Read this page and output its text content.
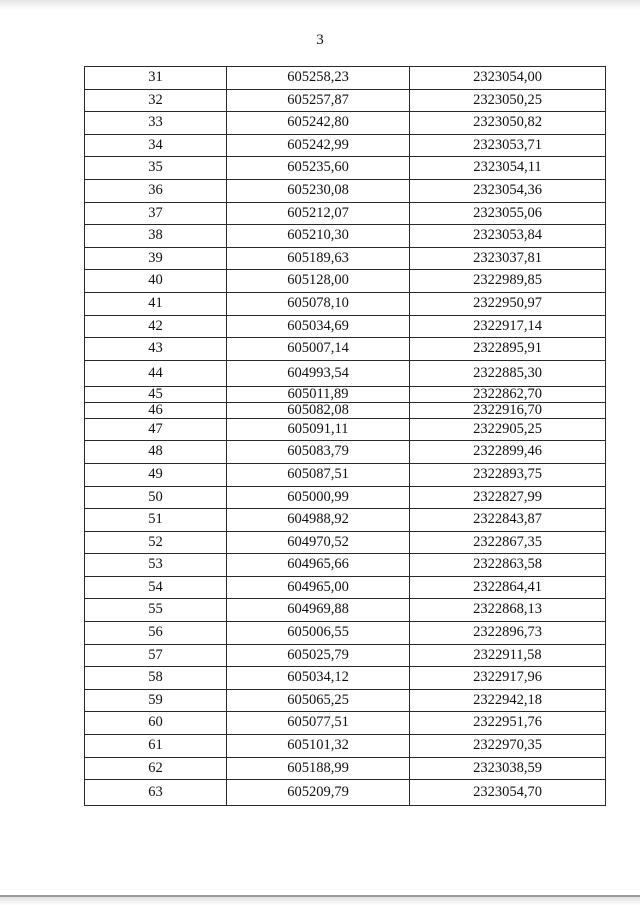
3
31	605258,23	2323054,00
32	605257,87	2323050,25
33	605242,80	2323050,82
34	605242,99	2323053,71
35	605235,60	2323054,11
36	605230,08	2323054,36
37	605212,07	2323055,06
38	605210,30	2323053,84
39	605189,63	2323037,81
40	605128,00	2322989,85
41	605078,10	2322950,97
42	605034,69	2322917,14
43	605007,14	2322895,91
44	604993,54	2322885,30
45	605011,89	2322862,70
46	605082,08	2322916,70
47	605091,11	2322905,25
48	605083,79	2322899,46
49	605087,51	2322893,75
50	605000,99	2322827,99
51	604988,92	2322843,87
52	604970,52	2322867,35
53	604965,66	2322863,58
54	604965,00	2322864,41
55	604969,88	2322868,13
56	605006,55	2322896,73
57	605025,79	2322911,58
58	605034,12	2322917,96
59	605065,25	2322942,18
60	605077,51	2322951,76
61	605101,32	2322970,35
62	605188,99	2323038,59
63	605209,79	2323054,70
